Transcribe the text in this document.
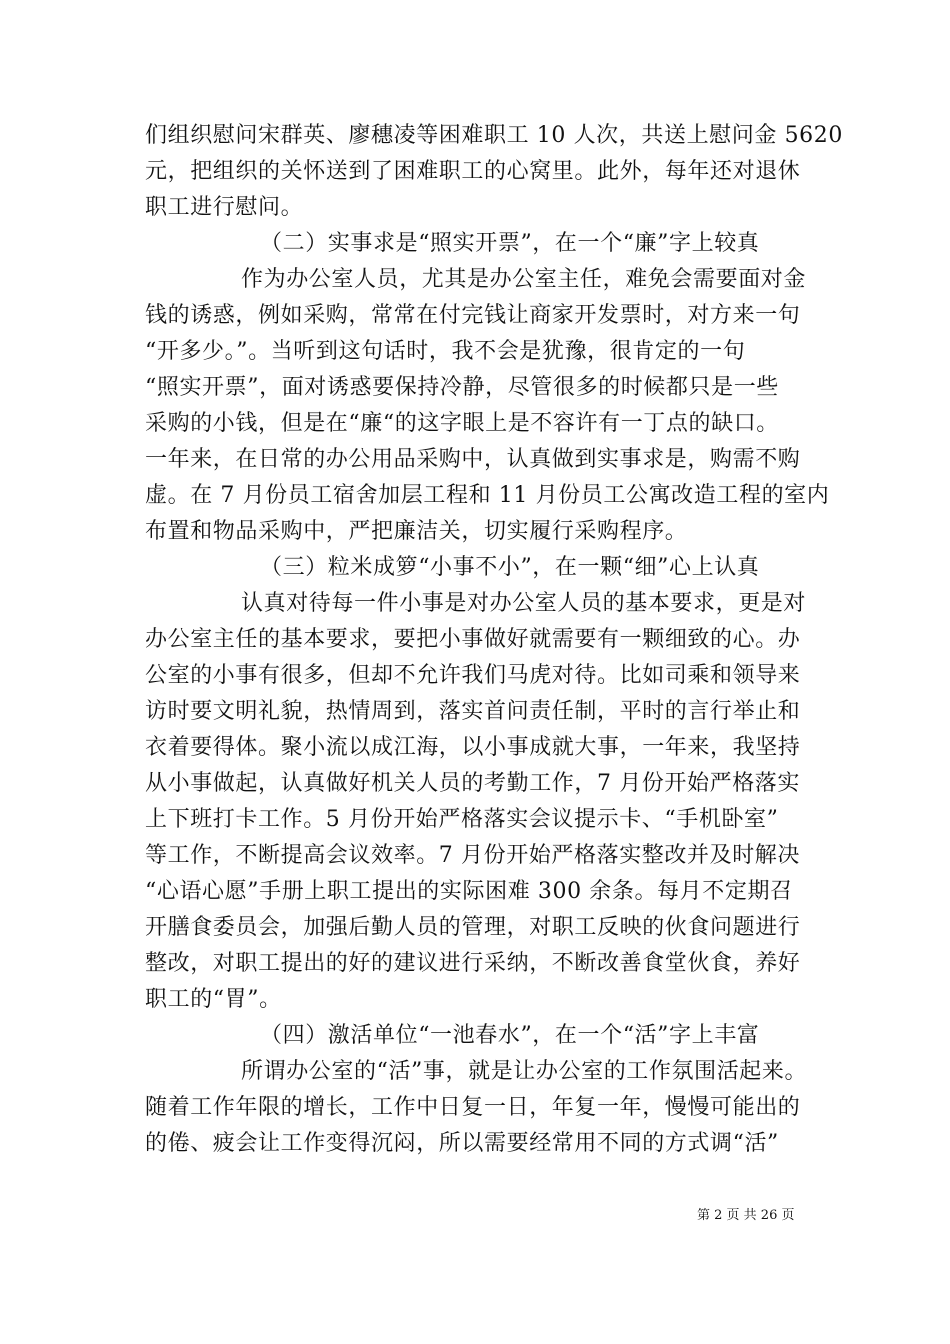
们组织慰问宋群英、廖穗凌等困难职工 10 人次，共送上慰问金 5620
元，把组织的关怀送到了困难职工的心窝里。此外，每年还对退休
职工进行慰问。
（二）实事求是“照实开票”，在一个“廉”字上较真
作为办公室人员，尤其是办公室主任，难免会需要面对金
钱的诱惑，例如采购，常常在付完钱让商家开发票时，对方来一句
“开多少。”。当听到这句话时，我不会是犹豫，很肯定的一句
“照实开票”，面对诱惑要保持冷静，尽管很多的时候都只是一些
采购的小钱，但是在“廉“的这字眼上是不容许有一丁点的缺口。
一年来，在日常的办公用品采购中，认真做到实事求是，购需不购
虚。在 7 月份员工宿舍加层工程和 11 月份员工公寓改造工程的室内
布置和物品采购中，严把廉洁关，切实履行采购程序。
（三）粒米成箩“小事不小”，在一颗“细”心上认真
认真对待每一件小事是对办公室人员的基本要求，更是对
办公室主任的基本要求，要把小事做好就需要有一颗细致的心。办
公室的小事有很多，但却不允许我们马虎对待。比如司乘和领导来
访时要文明礼貌，热情周到，落实首问责任制，平时的言行举止和
衣着要得体。聚小流以成江海，以小事成就大事，一年来，我坚持
从小事做起，认真做好机关人员的考勤工作，7 月份开始严格落实
上下班打卡工作。5 月份开始严格落实会议提示卡、“手机卧室”
等工作，不断提高会议效率。7 月份开始严格落实整改并及时解决
“心语心愿”手册上职工提出的实际困难 300 余条。每月不定期召
开膳食委员会，加强后勤人员的管理，对职工反映的伙食问题进行
整改，对职工提出的好的建议进行采纳，不断改善食堂伙食，养好
职工的“胃”。
（四）激活单位“一池春水”，在一个“活”字上丰富
所谓办公室的“活”事，就是让办公室的工作氛围活起来。
随着工作年限的增长，工作中日复一日，年复一年，慢慢可能出的
的倦、疲会让工作变得沉闷，所以需要经常用不同的方式调“活”
第 2 页 共 26 页
